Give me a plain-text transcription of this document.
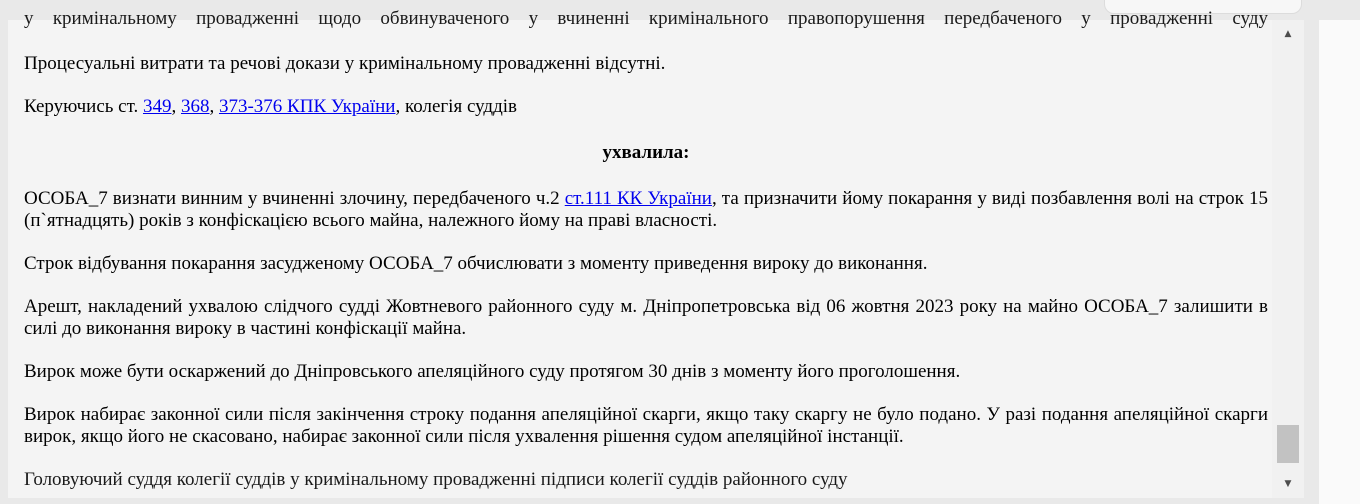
у кримінальному провадженні щодо обвинуваченого у вчиненні кримінального правопорушення передбаченого у провадженні суду
Процесуальні витрати та речові докази у кримінальному провадженні відсутні.
Керуючись ст. 349, 368, 373-376 КПК України, колегія суддів
ухвалила:
ОСОБА_7 визнати винним у вчиненні злочину, передбаченого ч.2 ст.111 КК України, та призначити йому покарання у виді позбавлення волі на строк 15 (п`ятнадцять) років з конфіскацією всього майна, належного йому на праві власності.
Строк відбування покарання засудженому ОСОБА_7 обчислювати з моменту приведення вироку до виконання.
Арешт, накладений ухвалою слідчого судді Жовтневого районного суду м. Дніпропетровська від 06 жовтня 2023 року на майно ОСОБА_7 залишити в силі до виконання вироку в частині конфіскації майна.
Вирок може бути оскаржений до Дніпровського апеляційного суду протягом 30 днів з моменту його проголошення.
Вирок набирає законної сили після закінчення строку подання апеляційної скарги, якщо таку скаргу не було подано. У разі подання апеляційної скарги вирок, якщо його не скасовано, набирає законної сили після ухвалення рішення судом апеляційної інстанції.
Головуючий суддя колегії суддів у кримінальному провадженні підписи колегії суддів районного суду
▲
▼
